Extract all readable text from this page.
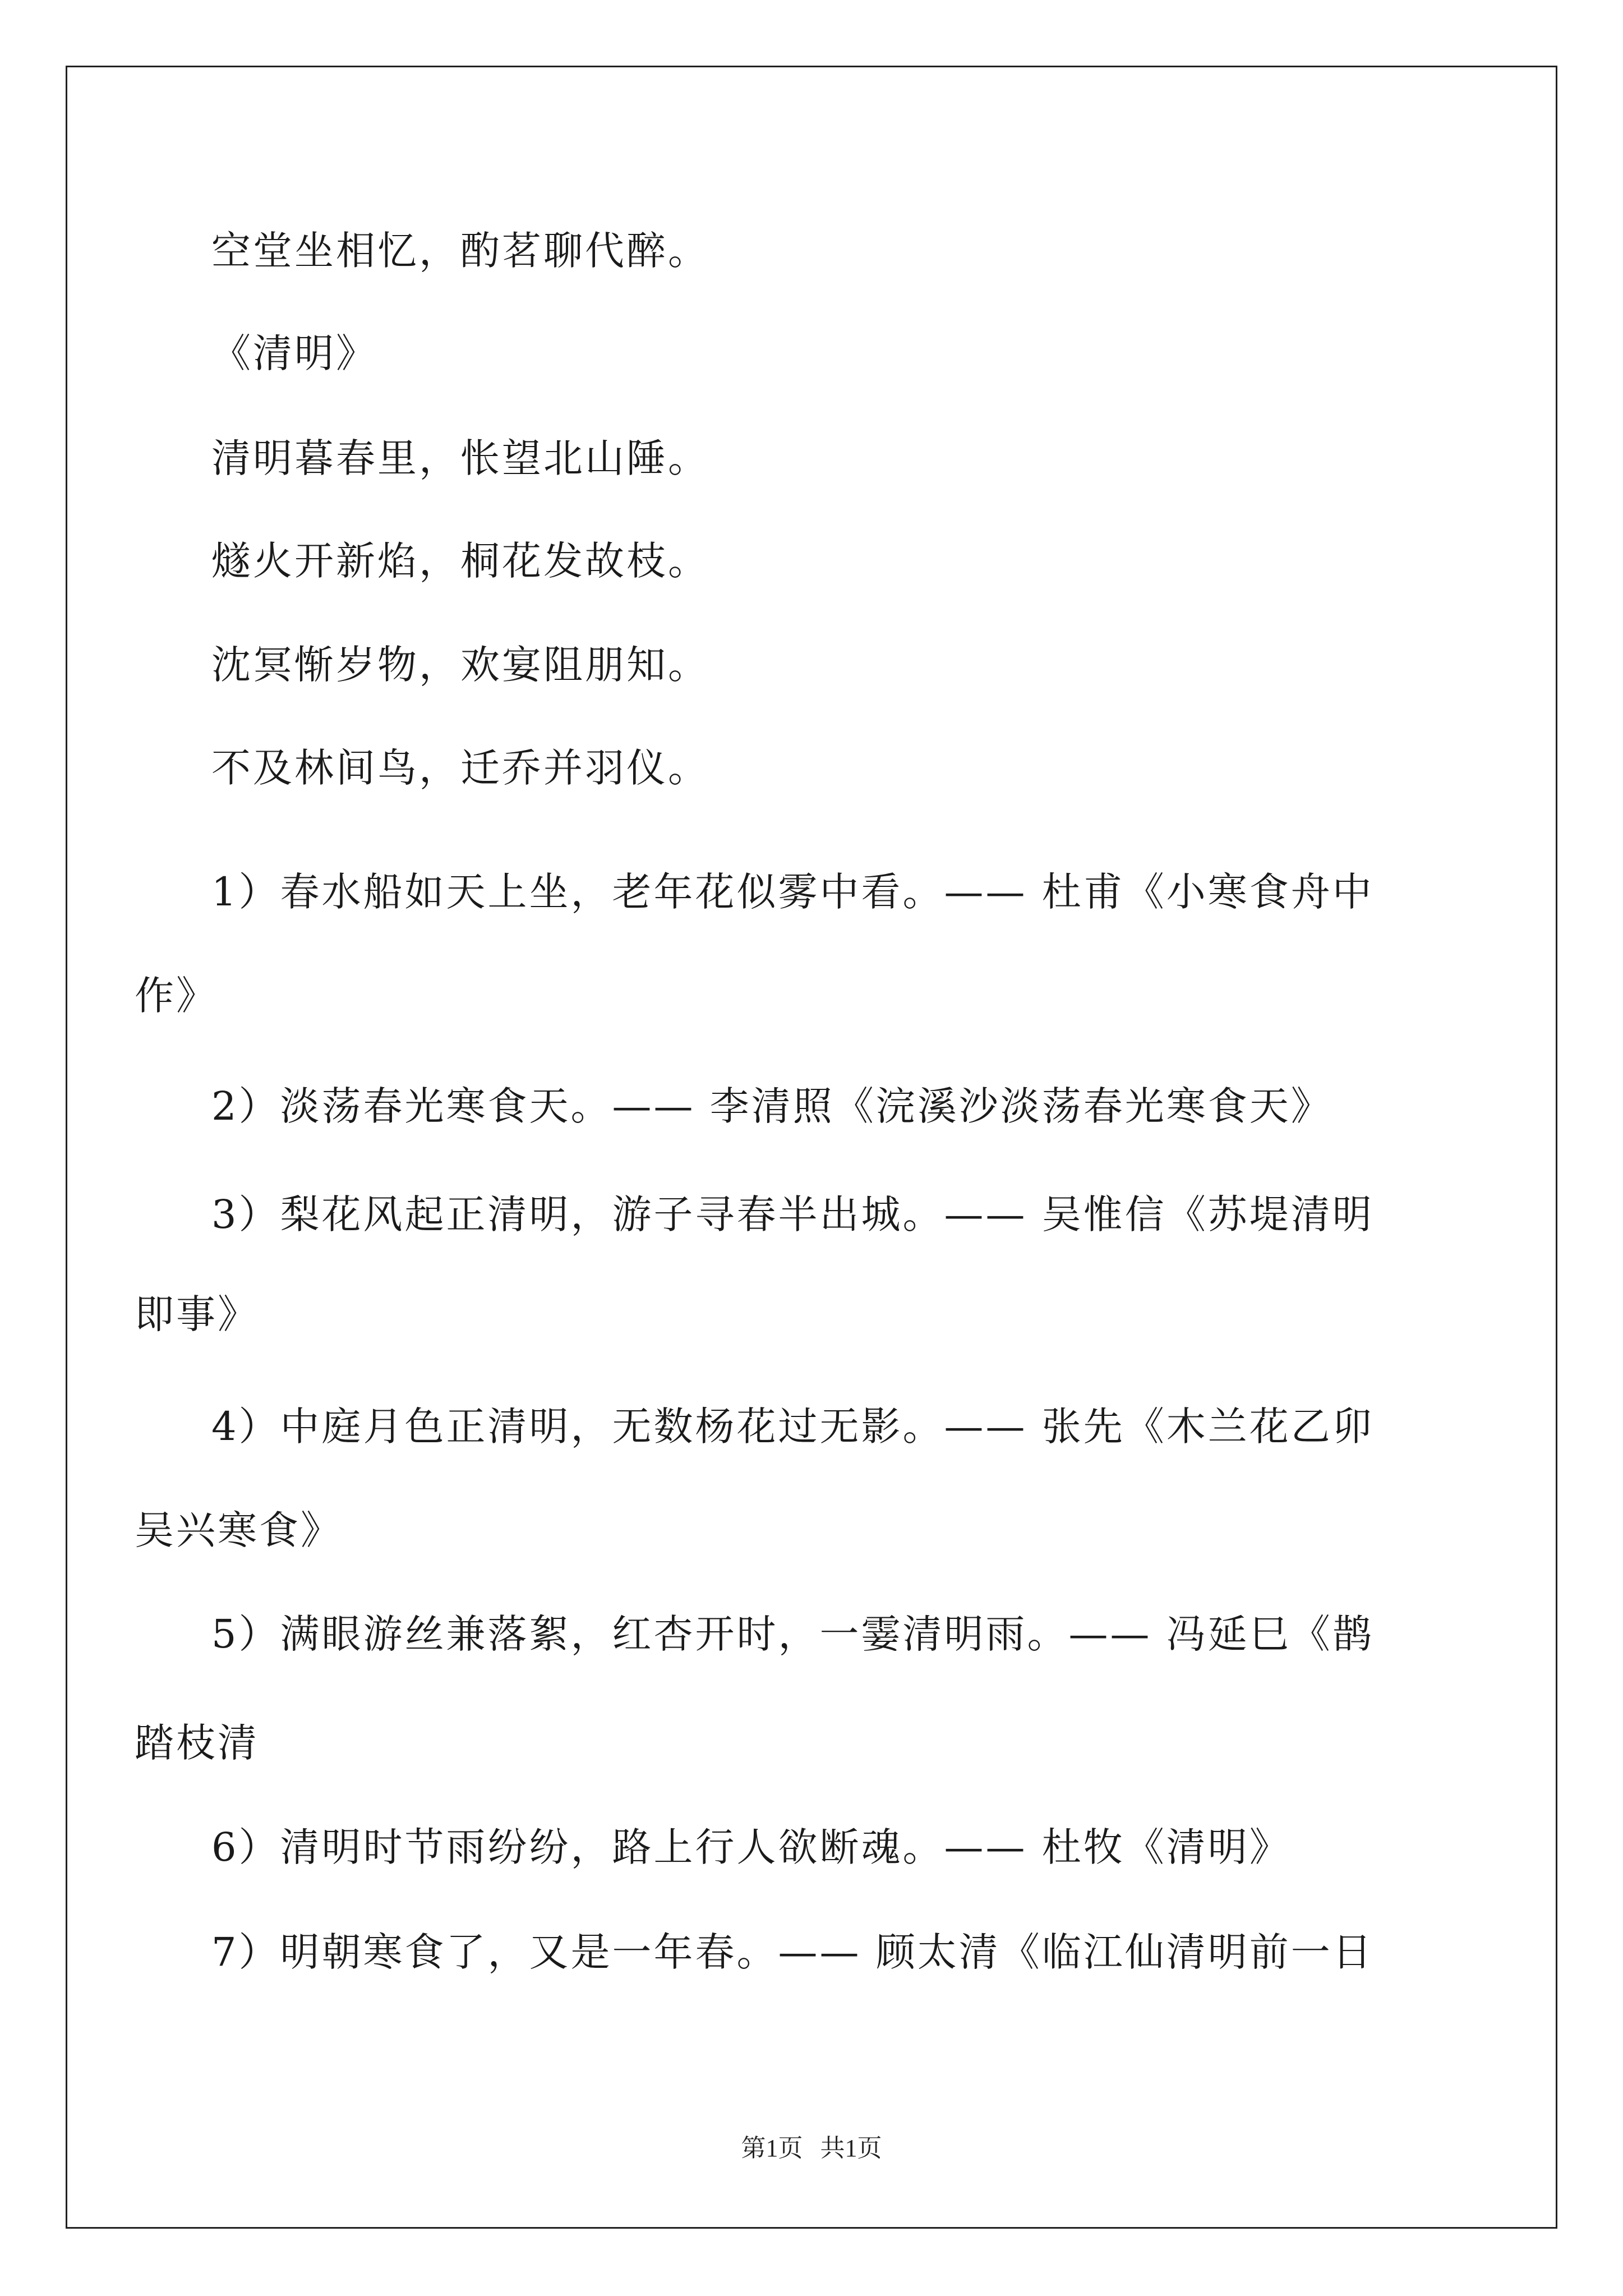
空堂坐相忆，酌茗聊代醉。
《清明》
清明暮春里，怅望北山陲。
燧火开新焰，桐花发故枝。
沈冥惭岁物，欢宴阻朋知。
不及林间鸟，迁乔并羽仪。
1）春水船如天上坐，老年花似雾中看。—— 杜甫《小寒食舟中
作》
2）淡荡春光寒食天。—— 李清照《浣溪沙淡荡春光寒食天》
3）梨花风起正清明，游子寻春半出城。—— 吴惟信《苏堤清明
即事》
4）中庭月色正清明，无数杨花过无影。—— 张先《木兰花乙卯
吴兴寒食》
5）满眼游丝兼落絮，红杏开时，一霎清明雨。—— 冯延巳《鹊
踏枝清
6）清明时节雨纷纷，路上行人欲断魂。—— 杜牧《清明》
7）明朝寒食了，又是一年春。—— 顾太清《临江仙清明前一日
第1页 共1页
